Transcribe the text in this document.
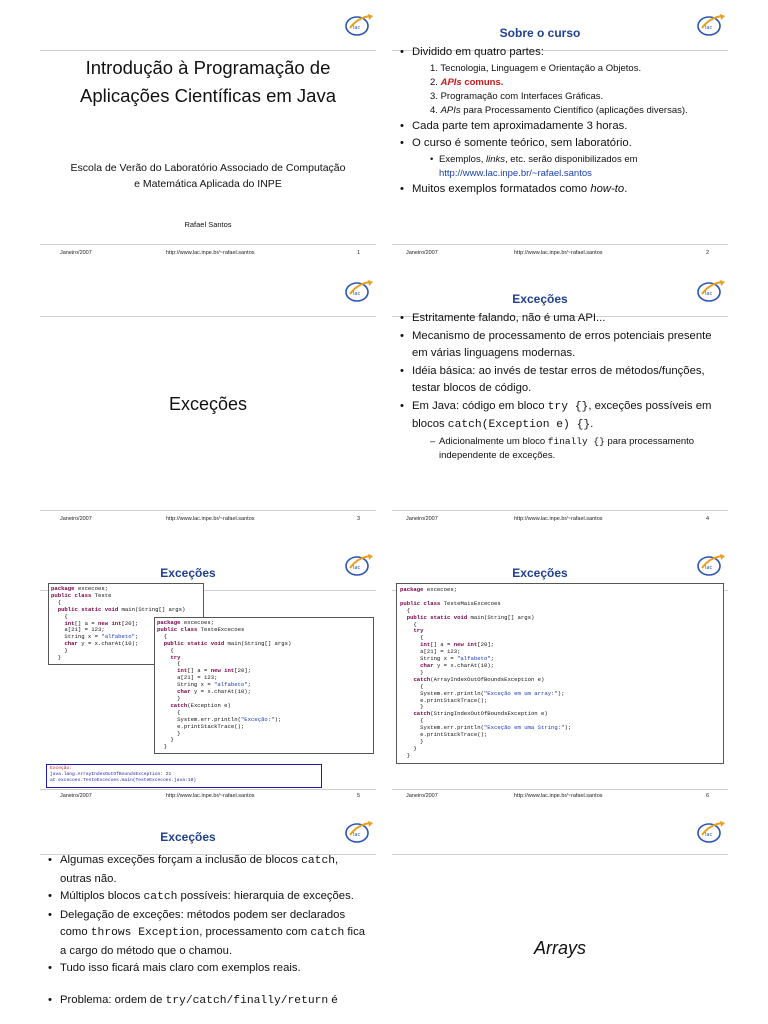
lac
Introdução à Programação de
Aplicações Científicas em Java
Escola de Verão do Laboratório Associado de Computação
e Matemática Aplicada do INPE
Rafael Santos
Janeiro/2007	http://www.lac.inpe.br/~rafael.santos	1
Sobre o curso	lac
• Dividido em quatro partes:
1. Tecnologia, Linguagem e Orientação a Objetos.
2. APIs comuns.
3. Programação com Interfaces Gráficas.
4. APIs para Processamento Científico (aplicações diversas).
• Cada parte tem aproximadamente 3 horas.
• O curso é somente teórico, sem laboratório.
• Exemplos, links, etc. serão disponibilizados em
http://www.lac.inpe.br/~rafael.santos
• Muitos exemplos formatados como how-to.
Janeiro/2007	http://www.lac.inpe.br/~rafael.santos	2
lac
Exceções
Janeiro/2007	http://www.lac.inpe.br/~rafael.santos	3
Exceções	lac
• Estritamente falando, não é uma API...
• Mecanismo de processamento de erros potenciais presente em várias linguagens modernas.
• Idéia básica: ao invés de testar erros de métodos/funções, testar blocos de código.
• Em Java: código em bloco try {}, exceções possíveis em blocos catch(Exception e) {}.
– Adicionalmente um bloco finally {} para processamento independente de exceções.
Janeiro/2007	http://www.lac.inpe.br/~rafael.santos	4
Exceções	lac
package excecoes;
public class Teste
{
public static void main(String[] args)
{
int[] a = new int[20];
a[21] = 123;
String x = "alfabeto";
char y = x.charAt(10);
}
}
package excecoes;
public class TesteExcecoes
{
public static void main(String[] args)
{
try
{
int[] a = new int[20];
a[21] = 123;
String x = "alfabeto";
char y = x.charAt(10);
}
catch(Exception e)
{
System.err.println("Exceção:");
e.printStackTrace();
}
}
}
Exceção:
java.lang.ArrayIndexOutOfBoundsException: 21
at excecoes.TesteExcecoes.main(TesteExcecoes.java:10)
Janeiro/2007	http://www.lac.inpe.br/~rafael.santos	5
Exceções	lac
package excecoes;

public class TesteMaisExcecoes
{
public static void main(String[] args)
{
try
{
int[] a = new int[20];
a[21] = 123;
String x = "alfabeto";
char y = x.charAt(10);
}
catch(ArrayIndexOutOfBoundsException e)
{
System.err.println("Exceção em um array:");
e.printStackTrace();
}
catch(StringIndexOutOfBoundsException e)
{
System.err.println("Exceção em uma String:");
e.printStackTrace();
}
}
}
Janeiro/2007	http://www.lac.inpe.br/~rafael.santos	6
Exceções	lac
• Algumas exceções forçam a inclusão de blocos catch, outras não.
• Múltiplos blocos catch possíveis: hierarquia de exceções.
• Delegação de exceções: métodos podem ser declarados como throws Exception, processamento com catch fica a cargo do método que o chamou.
• Tudo isso ficará mais claro com exemplos reais.
• Problema: ordem de try/catch/finally/return é
lac
Arrays
